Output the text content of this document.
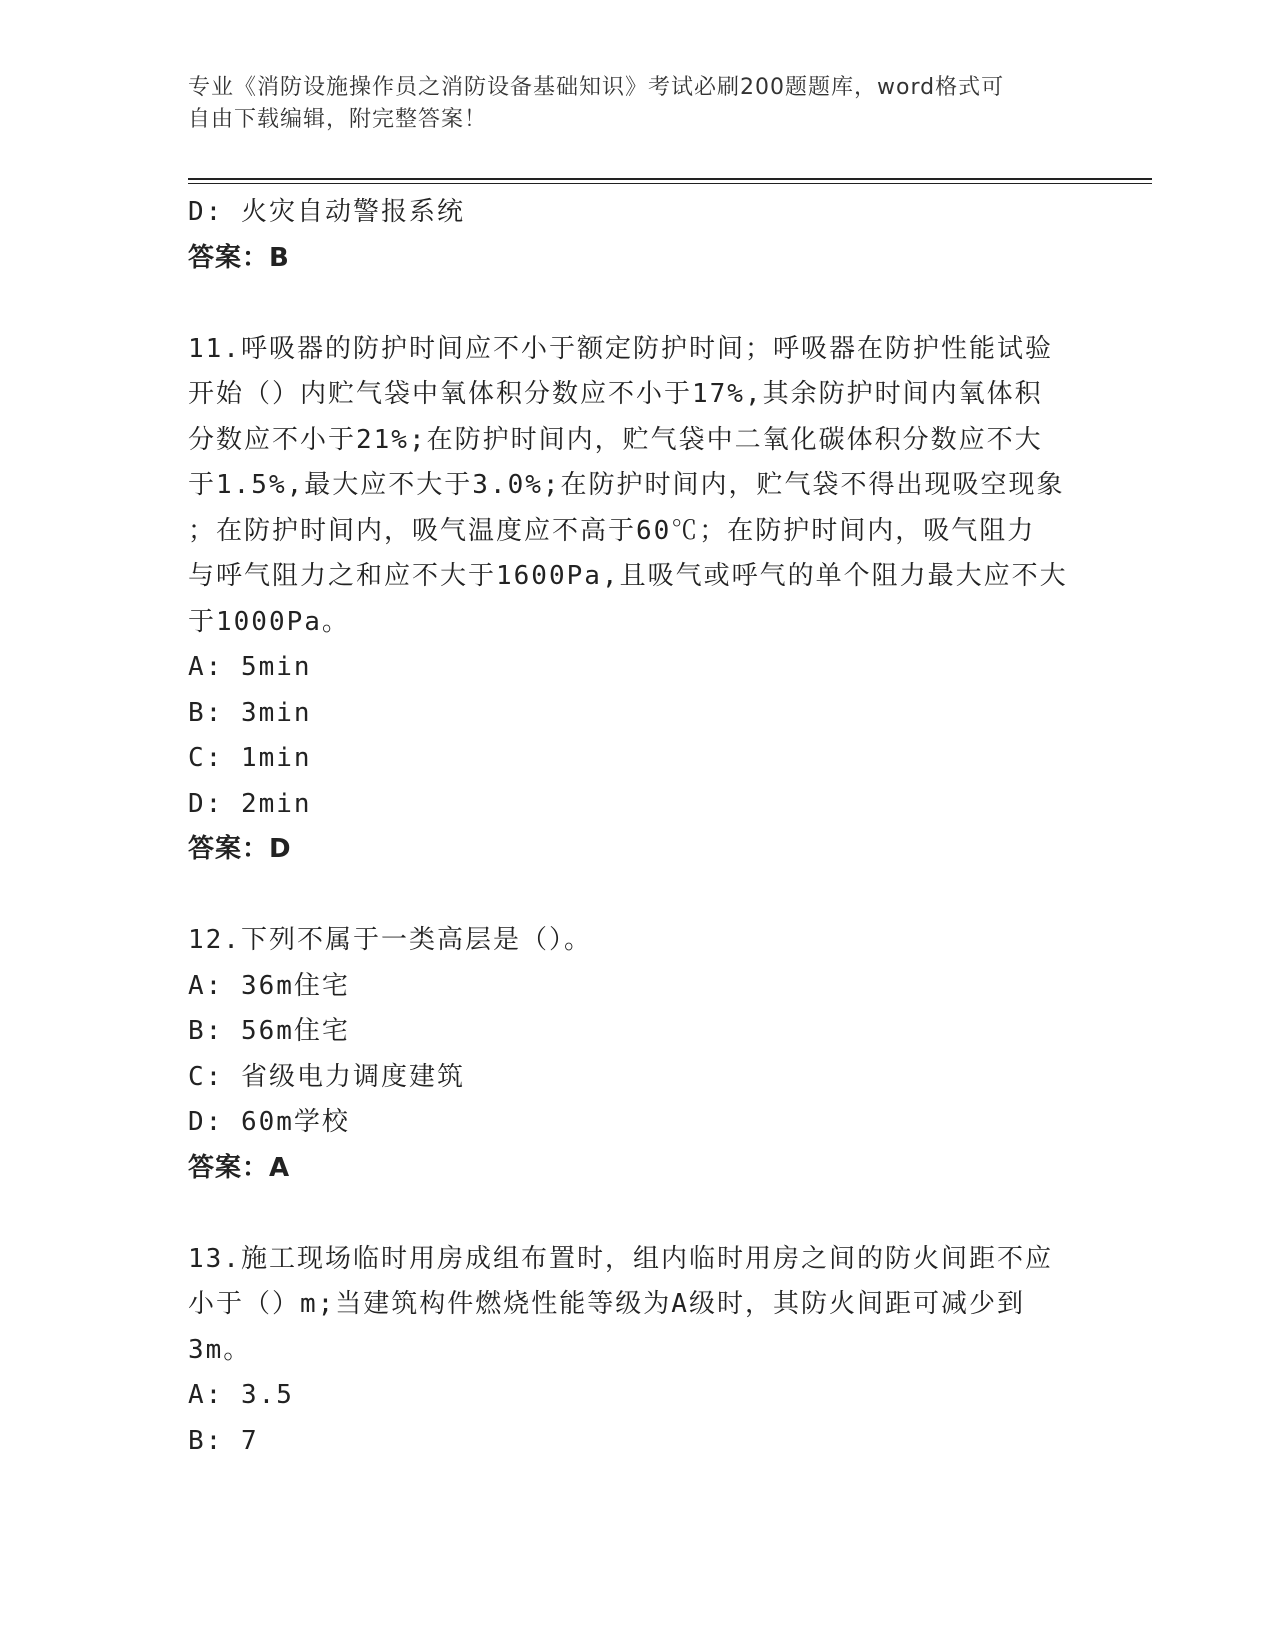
专业《消防设施操作员之消防设备基础知识》考试必刷200题题库，word格式可
自由下载编辑，附完整答案！
D: 火灾自动警报系统
答案：B
11.呼吸器的防护时间应不小于额定防护时间；呼吸器在防护性能试验
开始（）内贮气袋中氧体积分数应不小于17%,其余防护时间内氧体积
分数应不小于21%;在防护时间内，贮气袋中二氧化碳体积分数应不大
于1.5%,最大应不大于3.0%;在防护时间内，贮气袋不得出现吸空现象
；在防护时间内，吸气温度应不高于60℃；在防护时间内，吸气阻力
与呼气阻力之和应不大于1600Pa,且吸气或呼气的单个阻力最大应不大
于1000Pa。
A: 5min
B: 3min
C: 1min
D: 2min
答案：D
12.下列不属于一类高层是（）。
A: 36m住宅
B: 56m住宅
C: 省级电力调度建筑
D: 60m学校
答案：A
13.施工现场临时用房成组布置时，组内临时用房之间的防火间距不应
小于（）m;当建筑构件燃烧性能等级为A级时，其防火间距可减少到
3m。
A: 3.5
B: 7
